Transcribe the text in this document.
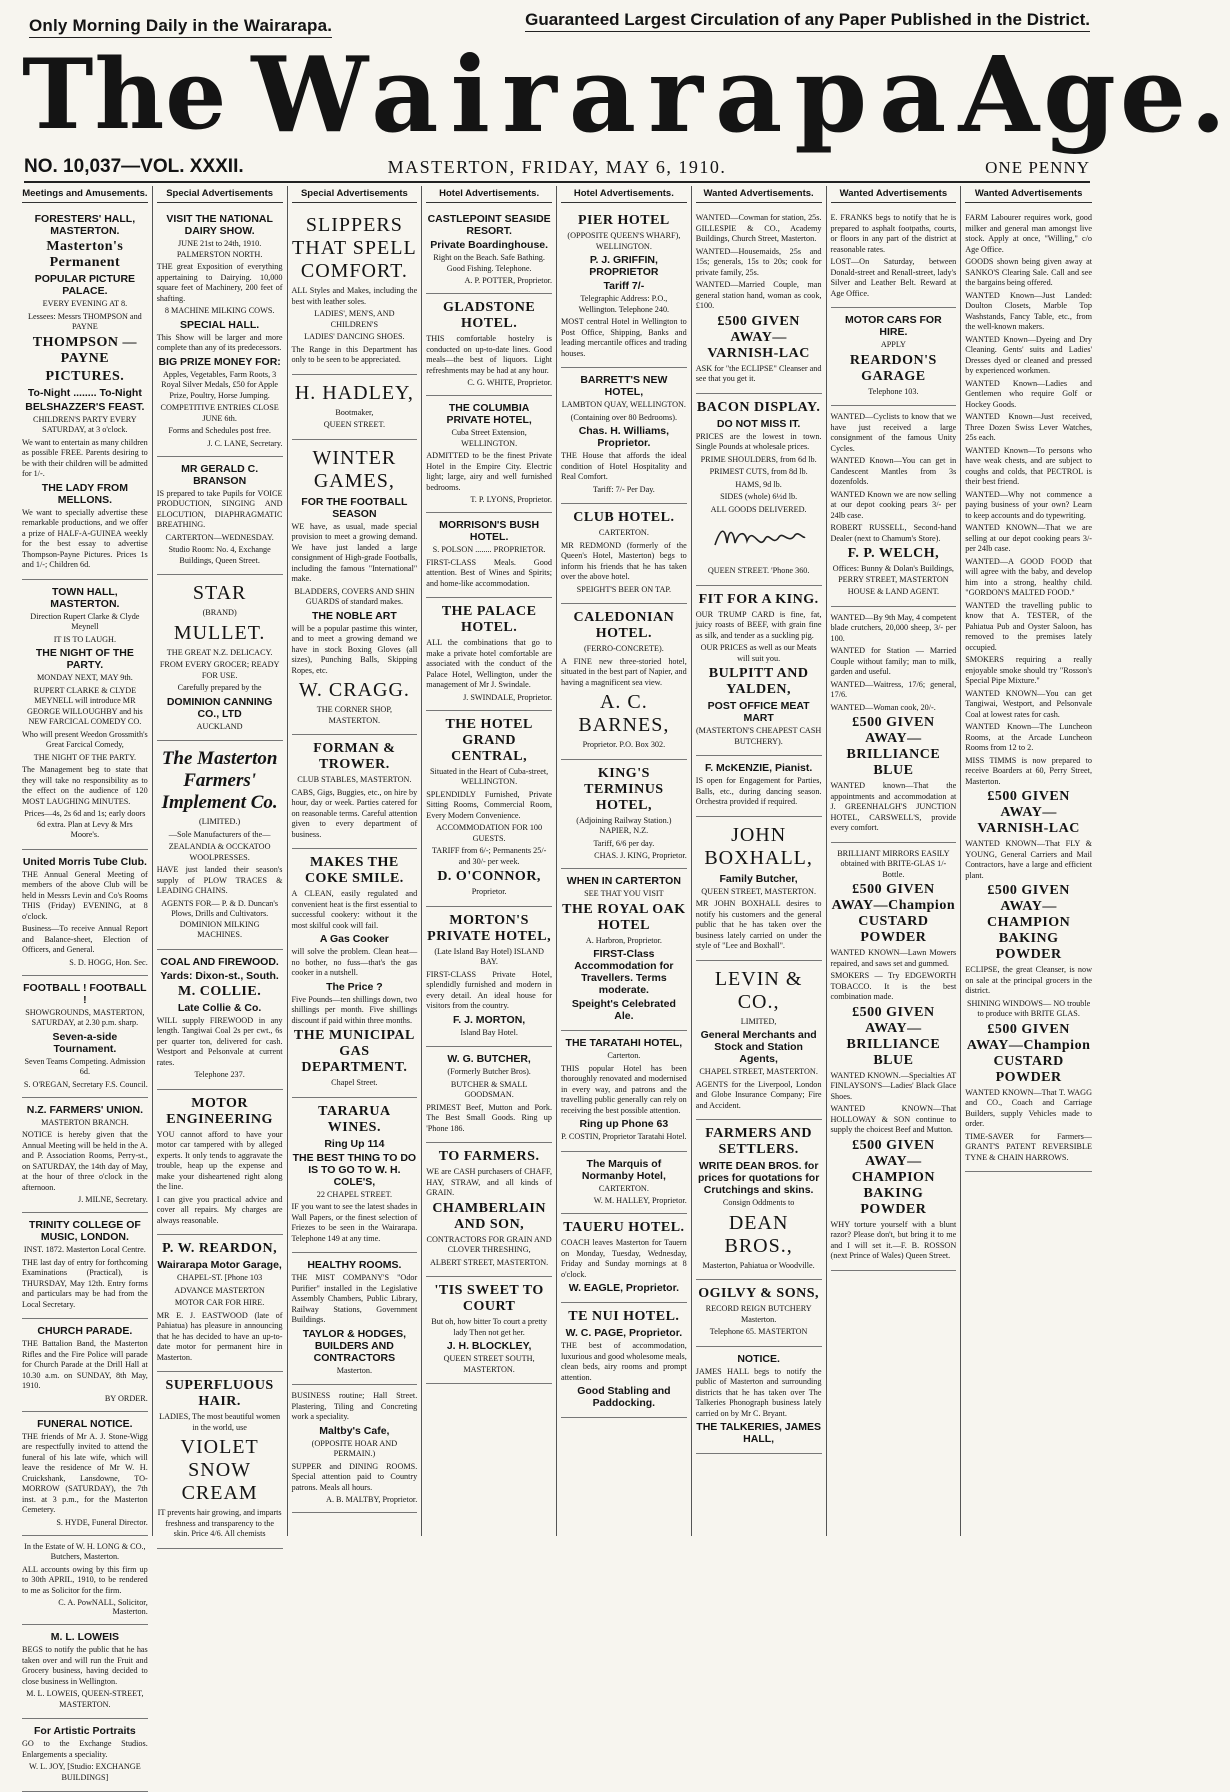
Only Morning Daily in the Wairarapa.	Guaranteed Largest Circulation of any Paper Published in the District.
The Wairarapa Age.
NO. 10,037—VOL. XXXII.	MASTERTON, FRIDAY, MAY 6, 1910.	ONE PENNY
Meetings and Amusements.
FORESTERS' HALL, MASTERTON.
Masterton's Permanent
POPULAR PICTURE PALACE.
EVERY EVENING AT 8.
Lessees: Messrs THOMPSON and PAYNE
THOMPSON — PAYNE
PICTURES.
To-Night ........ To-Night
BELSHAZZER'S FEAST.
CHILDREN'S PARTY EVERY SATURDAY, at 3 o'clock.
We want to entertain as many children as possible FREE. Parents desiring to be with their children will be admitted for 1/-.
THE LADY FROM MELLONS.
We want to specially advertise these remarkable productions, and we offer a prize of HALF-A-GUINEA weekly for the best essay to advertise Thompson-Payne Pictures. Prices 1s and 1/-; Children 6d.
TOWN HALL, MASTERTON.
Direction Rupert Clarke & Clyde Meynell
IT IS TO LAUGH.
THE NIGHT OF THE PARTY.
MONDAY NEXT, MAY 9th.
RUPERT CLARKE & CLYDE MEYNELL will introduce MR GEORGE WILLOUGHBY and his NEW FARCICAL COMEDY CO.
Who will present Weedon Grossmith's Great Farcical Comedy,
THE NIGHT OF THE PARTY.
The Management beg to state that they will take no responsibility as to the effect on the audience of 120 MOST LAUGHING MINUTES.
Prices—4s, 2s 6d and 1s; early doors 6d extra. Plan at Levy & Mrs Moore's.
United Morris Tube Club.
THE Annual General Meeting of members of the above Club will be held in Messrs Levin and Co's Rooms THIS (Friday) EVENING, at 8 o'clock.
Business—To receive Annual Report and Balance-sheet, Election of Officers, and General.
S. D. HOGG, Hon. Sec.
FOOTBALL ! FOOTBALL !
SHOWGROUNDS, MASTERTON, SATURDAY, at 2.30 p.m. sharp.
Seven-a-side Tournament.
Seven Teams Competing. Admission 6d.
S. O'REGAN, Secretary F.S. Council.
N.Z. FARMERS' UNION.
MASTERTON BRANCH.
NOTICE is hereby given that the Annual Meeting will be held in the A. and P. Association Rooms, Perry-st., on SATURDAY, the 14th day of May, at the hour of three o'clock in the afternoon.
J. MILNE, Secretary.
TRINITY COLLEGE OF MUSIC, LONDON.
INST. 1872. Masterton Local Centre.
THE last day of entry for forthcoming Examinations (Practical), is THURSDAY, May 12th. Entry forms and particulars may be had from the Local Secretary.
CHURCH PARADE.
THE Battalion Band, the Masterton Rifles and the Fire Police will parade for Church Parade at the Drill Hall at 10.30 a.m. on SUNDAY, 8th May, 1910.
BY ORDER.
FUNERAL NOTICE.
THE friends of Mr A. J. Stone-Wigg are respectfully invited to attend the funeral of his late wife, which will leave the residence of Mr W. H. Cruickshank, Lansdowne, TO-MORROW (SATURDAY), the 7th inst. at 3 p.m., for the Masterton Cemetery.
S. HYDE, Funeral Director.
In the Estate of W. H. LONG & CO., Butchers, Masterton.
ALL accounts owing by this firm up to 30th APRIL, 1910, to be rendered to me as Solicitor for the firm.
C. A. PowNALL, Solicitor, Masterton.
M. L. LOWEIS
BEGS to notify the public that he has taken over and will run the Fruit and Grocery business, having decided to close business in Wellington.
M. L. LOWEIS, QUEEN-STREET, MASTERTON.
For Artistic Portraits
GO to the Exchange Studios. Enlargements a speciality.
W. L. JOY, [Studio: EXCHANGE BUILDINGS]
Special Advertisements
VISIT THE NATIONAL DAIRY SHOW.
JUNE 21st to 24th, 1910. PALMERSTON NORTH.
THE great Exposition of everything appertaining to Dairying. 10,000 square feet of Machinery, 200 feet of shafting.
8 MACHINE MILKING COWS.
SPECIAL HALL.
This Show will be larger and more complete than any of its predecessors.
BIG PRIZE MONEY FOR:
Apples, Vegetables, Farm Roots, 3 Royal Silver Medals, £50 for Apple Prize, Poultry, Horse Jumping.
COMPETITIVE ENTRIES CLOSE JUNE 6th.
Forms and Schedules post free.
J. C. LANE, Secretary.
MR GERALD C. BRANSON
IS prepared to take Pupils for VOICE PRODUCTION, SINGING AND ELOCUTION, DIAPHRAGMATIC BREATHING.
CARTERTON—WEDNESDAY.
Studio Room: No. 4, Exchange Buildings, Queen Street.
STAR
(BRAND)
MULLET.
THE GREAT N.Z. DELICACY.
FROM EVERY GROCER; READY FOR USE.
Carefully prepared by the
DOMINION CANNING CO., LTD
AUCKLAND
The Masterton Farmers' Implement Co.
(LIMITED.)
—Sole Manufacturers of the—
ZEALANDIA & OCCKATOO WOOLPRESSES.
HAVE just landed their season's supply of PLOW TRACES & LEADING CHAINS.
AGENTS FOR— P. & D. Duncan's Plows, Drills and Cultivators. DOMINION MILKING MACHINES.
COAL AND FIREWOOD.
Yards: Dixon-st., South.
M. COLLIE.
Late Collie & Co.
WILL supply FIREWOOD in any length. Tangiwai Coal 2s per cwt., 6s per quarter ton, delivered for cash. Westport and Pelsonvale at current rates.
Telephone 237.
MOTOR ENGINEERING
YOU cannot afford to have your motor car tampered with by alleged experts. It only tends to aggravate the trouble, heap up the expense and make your disheartened right along the line.
I can give you practical advice and cover all repairs. My charges are always reasonable.
P. W. REARDON,
Wairarapa Motor Garage,
CHAPEL-ST. [Phone 103
ADVANCE MASTERTON
MOTOR CAR FOR HIRE.
MR E. J. EASTWOOD (late of Pahiatua) has pleasure in announcing that he has decided to have an up-to-date motor for permanent hire in Masterton.
SUPERFLUOUS HAIR.
LADIES, The most beautiful women in the world, use
VIOLET SNOW CREAM
IT prevents hair growing, and imparts freshness and transparency to the skin. Price 4/6. All chemists
Special Advertisements
SLIPPERS THAT SPELL COMFORT.
ALL Styles and Makes, including the best with leather soles.
LADIES', MEN'S, AND CHILDREN'S
LADIES' DANCING SHOES.
The Range in this Department has only to be seen to be appreciated.
H. HADLEY,
Bootmaker,
QUEEN STREET.
WINTER GAMES,
FOR THE FOOTBALL SEASON
WE have, as usual, made special provision to meet a growing demand. We have just landed a large consignment of High-grade Footballs, including the famous "International" make.
BLADDERS, COVERS AND SHIN GUARDS of standard makes.
THE NOBLE ART
will be a popular pastime this winter, and to meet a growing demand we have in stock Boxing Gloves (all sizes), Punching Balls, Skipping Ropes, etc.
W. CRAGG.
THE CORNER SHOP, MASTERTON.
FORMAN & TROWER.
CLUB STABLES, MASTERTON.
CABS, Gigs, Buggies, etc., on hire by hour, day or week. Parties catered for on reasonable terms. Careful attention given to every department of business.
MAKES THE COKE SMILE.
A CLEAN, easily regulated and convenient heat is the first essential to successful cookery: without it the most skilful cook will fail.
A Gas Cooker
will solve the problem. Clean heat—no bother, no fuss—that's the gas cooker in a nutshell.
The Price ?
Five Pounds—ten shillings down, two shillings per month. Five shillings discount if paid within three months.
THE MUNICIPAL GAS DEPARTMENT.
Chapel Street.
TARARUA WINES.
Ring Up 114
THE BEST THING TO DO IS TO GO TO W. H. COLE'S,
22 CHAPEL STREET.
IF you want to see the latest shades in Wall Papers, or the finest selection of Friezes to be seen in the Wairarapa. Telephone 149 at any time.
HEALTHY ROOMS.
THE MIST COMPANY'S "Odor Purifier" installed in the Legislative Assembly Chambers, Public Library, Railway Stations, Government Buildings.
TAYLOR & HODGES, BUILDERS AND CONTRACTORS
Masterton.
BUSINESS routine; Hall Street. Plastering, Tiling and Concreting work a speciality.
Maltby's Cafe,
(OPPOSITE HOAR AND PERMAIN.)
SUPPER and DINING ROOMS. Special attention paid to Country patrons. Meals all hours.
A. B. MALTBY, Proprietor.
Hotel Advertisements.
CASTLEPOINT SEASIDE RESORT.
Private Boardinghouse.
Right on the Beach. Safe Bathing. Good Fishing. Telephone.
A. P. POTTER, Proprietor.
GLADSTONE HOTEL.
THIS comfortable hostelry is conducted on up-to-date lines. Good meals—the best of liquors. Light refreshments may be had at any hour.
C. G. WHITE, Proprietor.
THE COLUMBIA PRIVATE HOTEL,
Cuba Street Extension, WELLINGTON.
ADMITTED to be the finest Private Hotel in the Empire City. Electric light; large, airy and well furnished bedrooms.
T. P. LYONS, Proprietor.
MORRISON'S BUSH HOTEL.
S. POLSON ........ PROPRIETOR.
FIRST-CLASS Meals. Good attention. Best of Wines and Spirits; and home-like accommodation.
THE PALACE HOTEL.
ALL the combinations that go to make a private hotel comfortable are associated with the conduct of the Palace Hotel, Wellington, under the management of Mr J. Swindale.
J. SWINDALE, Proprietor.
THE HOTEL GRAND CENTRAL,
Situated in the Heart of Cuba-street, WELLINGTON.
SPLENDIDLY Furnished, Private Sitting Rooms, Commercial Room, Every Modern Convenience.
ACCOMMODATION FOR 100 GUESTS.
TARIFF from 6/-; Permanents 25/- and 30/- per week.
D. O'CONNOR,
Proprietor.
MORTON'S PRIVATE HOTEL,
(Late Island Bay Hotel) ISLAND BAY.
FIRST-CLASS Private Hotel, splendidly furnished and modern in every detail. An ideal house for visitors from the country.
F. J. MORTON,
Island Bay Hotel.
W. G. BUTCHER,
(Formerly Butcher Bros).
BUTCHER & SMALL GOODSMAN.
PRIMEST Beef, Mutton and Pork. The Best Small Goods. Ring up 'Phone 186.
TO FARMERS.
WE are CASH purchasers of CHAFF, HAY, STRAW, and all kinds of GRAIN.
CHAMBERLAIN AND SON,
CONTRACTORS FOR GRAIN AND CLOVER THRESHING,
ALBERT STREET, MASTERTON.
'TIS SWEET TO COURT
But oh, how bitter To court a pretty lady Then not get her.
J. H. BLOCKLEY,
QUEEN STREET SOUTH, MASTERTON.
Hotel Advertisements.
PIER HOTEL
(OPPOSITE QUEEN'S WHARF), WELLINGTON.
P. J. GRIFFIN, PROPRIETOR
Tariff 7/-
Telegraphic Address: P.O., Wellington. Telephone 240.
MOST central Hotel in Wellington to Post Office, Shipping, Banks and leading mercantile offices and trading houses.
BARRETT'S NEW HOTEL,
LAMBTON QUAY, WELLINGTON.
(Containing over 80 Bedrooms).
Chas. H. Williams, Proprietor.
THE House that affords the ideal condition of Hotel Hospitality and Real Comfort.
Tariff: 7/- Per Day.
CLUB HOTEL.
CARTERTON.
MR REDMOND (formerly of the Queen's Hotel, Masterton) begs to inform his friends that he has taken over the above hotel.
SPEIGHT'S BEER ON TAP.
CALEDONIAN HOTEL.
(FERRO-CONCRETE).
A FINE new three-storied hotel, situated in the best part of Napier, and having a magnificent sea view.
A. C. BARNES,
Proprietor. P.O. Box 302.
KING'S TERMINUS HOTEL,
(Adjoining Railway Station.) NAPIER, N.Z.
Tariff, 6/6 per day.
CHAS. J. KING, Proprietor.
WHEN IN CARTERTON
SEE THAT YOU VISIT
THE ROYAL OAK HOTEL
A. Harbron, Proprietor.
FIRST-Class Accommodation for Travellers. Terms moderate.
Speight's Celebrated Ale.
THE TARATAHI HOTEL,
Carterton.
THIS popular Hotel has been thoroughly renovated and modernised in every way, and patrons and the travelling public generally can rely on receiving the best possible attention.
Ring up Phone 63
P. COSTIN, Proprietor Taratahi Hotel.
The Marquis of Normanby Hotel,
CARTERTON.
W. M. HALLEY, Proprietor.
TAUERU HOTEL.
COACH leaves Masterton for Tauern on Monday, Tuesday, Wednesday, Friday and Sunday mornings at 8 o'clock.
W. EAGLE, Proprietor.
TE NUI HOTEL.
W. C. PAGE, Proprietor.
THE best of accommodation, luxurious and good wholesome meals, clean beds, airy rooms and prompt attention.
Good Stabling and Paddocking.
Wanted Advertisements.
WANTED—Cowman for station, 25s. GILLESPIE & CO., Academy Buildings, Church Street, Masterton.
WANTED—Housemaids, 25s and 15s; generals, 15s to 20s; cook for private family, 25s.
WANTED—Married Couple, man general station hand, woman as cook, £100.
£500 GIVEN AWAY—VARNISH-LAC
ASK for "the ECLIPSE" Cleanser and see that you get it.
BACON DISPLAY.
DO NOT MISS IT.
PRICES are the lowest in town. Single Pounds at wholesale prices.
PRIME SHOULDERS, from 6d lb.
PRIMEST CUTS, from 8d lb.
HAMS, 9d lb.
SIDES (whole) 6½d lb.
ALL GOODS DELIVERED.
QUEEN STREET. 'Phone 360.
FIT FOR A KING.
OUR TRUMP CARD is fine, fat, juicy roasts of BEEF, with grain fine as silk, and tender as a suckling pig.
OUR PRICES as well as our Meats will suit you.
BULPITT AND YALDEN,
POST OFFICE MEAT MART
(MASTERTON'S CHEAPEST CASH BUTCHERY).
F. McKENZIE, Pianist.
IS open for Engagement for Parties, Balls, etc., during dancing season. Orchestra provided if required.
JOHN BOXHALL,
Family Butcher,
QUEEN STREET, MASTERTON.
MR JOHN BOXHALL desires to notify his customers and the general public that he has taken over the business lately carried on under the style of "Lee and Boxhall".
LEVIN & CO.,
LIMITED,
General Merchants and Stock and Station Agents,
CHAPEL STREET, MASTERTON.
AGENTS for the Liverpool, London and Globe Insurance Company; Fire and Accident.
FARMERS AND SETTLERS.
WRITE DEAN BROS. for prices for quotations for Crutchings and skins.
Consign Oddments to
DEAN BROS.,
Masterton, Pahiatua or Woodville.
OGILVY & SONS,
RECORD REIGN BUTCHERY Masterton.
Telephone 65. MASTERTON
NOTICE.
JAMES HALL begs to notify the public of Masterton and surrounding districts that he has taken over The Talkeries Phonograph business lately carried on by Mr C. Bryant.
THE TALKERIES, JAMES HALL,
Wanted Advertisements
E. FRANKS begs to notify that he is prepared to asphalt footpaths, courts, or floors in any part of the district at reasonable rates.
LOST—On Saturday, between Donald-street and Renall-street, lady's Silver and Leather Belt. Reward at Age Office.
MOTOR CARS FOR HIRE.
APPLY
REARDON'S GARAGE
Telephone 103.
WANTED—Cyclists to know that we have just received a large consignment of the famous Unity Cycles.
WANTED Known—You can get in Candescent Mantles from 3s dozenfolds.
WANTED Known we are now selling at our depot cooking pears 3/- per 24lb case.
ROBERT RUSSELL, Second-hand Dealer (next to Chamum's Store).
F. P. WELCH,
Offices: Bunny & Dolan's Buildings, PERRY STREET, MASTERTON
HOUSE & LAND AGENT.
WANTED—By 9th May, 4 competent blade crutchers, 20,000 sheep, 3/- per 100.
WANTED for Station — Married Couple without family; man to milk, garden and useful.
WANTED—Waitress, 17/6; general, 17/6.
WANTED—Woman cook, 20/-.
£500 GIVEN AWAY—BRILLIANCE BLUE
WANTED known—That the appointments and accommodation at J. GREENHALGH'S JUNCTION HOTEL, CARSWELL'S, provide every comfort.
BRILLIANT MIRRORS EASILY obtained with BRITE-GLAS 1/- Bottle.
£500 GIVEN AWAY—Champion CUSTARD POWDER
WANTED KNOWN—Lawn Mowers repaired, and saws set and gummed.
SMOKERS — Try EDGEWORTH TOBACCO. It is the best combination made.
£500 GIVEN AWAY—BRILLIANCE BLUE
WANTED KNOWN.—Specialties AT FINLAYSON'S—Ladies' Black Glace Shoes.
WANTED KNOWN—That HOLLOWAY & SON continue to supply the choicest Beef and Mutton.
£500 GIVEN AWAY—CHAMPION BAKING POWDER
WHY torture yourself with a blunt razor? Please don't, but bring it to me and I will set it.—F. B. ROSSON (next Prince of Wales) Queen Street.
Wanted Advertisements
FARM Labourer requires work, good milker and general man amongst live stock. Apply at once, "Willing," c/o Age Office.
GOODS shown being given away at SANKO'S Clearing Sale. Call and see the bargains being offered.
WANTED Known—Just Landed: Doulton Closets, Marble Top Washstands, Fancy Table, etc., from the well-known makers.
WANTED Known—Dyeing and Dry Cleaning. Gents' suits and Ladies' Dresses dyed or cleaned and pressed by experienced workmen.
WANTED Known—Ladies and Gentlemen who require Golf or Hockey Goods.
WANTED Known—Just received, Three Dozen Swiss Lever Watches, 25s each.
WANTED Known—To persons who have weak chests, and are subject to coughs and colds, that PECTROL is their best friend.
WANTED—Why not commence a paying business of your own? Learn to keep accounts and do typewriting.
WANTED KNOWN—That we are selling at our depot cooking pears 3/- per 24lb case.
WANTED—A GOOD FOOD that will agree with the baby, and develop him into a strong, healthy child. "GORDON'S MALTED FOOD."
WANTED the travelling public to know that A. TESTER, of the Pahiatua Pub and Oyster Saloon, has removed to the premises lately occupied.
SMOKERS requiring a really enjoyable smoke should try "Rosson's Special Pipe Mixture."
WANTED KNOWN—You can get Tangiwai, Westport, and Pelsonvale Coal at lowest rates for cash.
WANTED Known—The Luncheon Rooms, at the Arcade Luncheon Rooms from 12 to 2.
MISS TIMMS is now prepared to receive Boarders at 60, Perry Street, Masterton.
£500 GIVEN AWAY—VARNISH-LAC
WANTED KNOWN—That FLY & YOUNG, General Carriers and Mail Contractors, have a large and efficient plant.
£500 GIVEN AWAY—CHAMPION BAKING POWDER
ECLIPSE, the great Cleanser, is now on sale at the principal grocers in the district.
SHINING WINDOWS— NO trouble to produce with BRITE GLAS.
£500 GIVEN AWAY—Champion CUSTARD POWDER
WANTED KNOWN—That T. WAGG and CO., Coach and Carriage Builders, supply Vehicles made to order.
TIME-SAVER for Farmers—GRANT'S PATENT REVERSIBLE TYNE & CHAIN HARROWS.
